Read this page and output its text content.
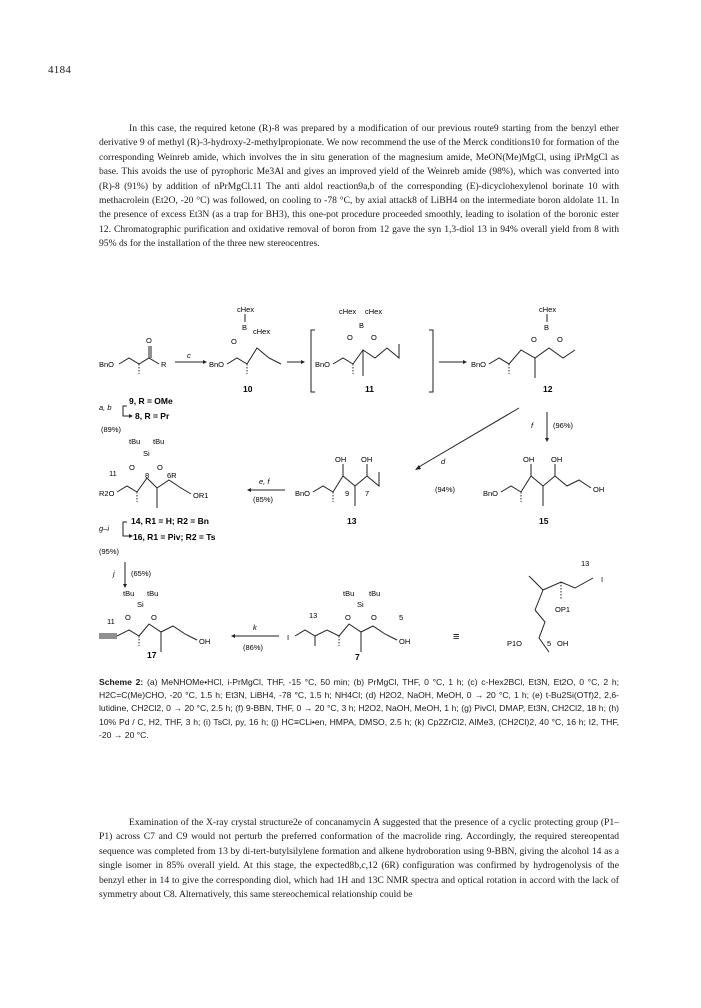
4184

In this case, the required ketone (R)-8 was prepared by a modification of our previous route9 starting from the benzyl ether derivative 9 of methyl (R)-3-hydroxy-2-methylpropionate. We now recommend the use of the Merck conditions10 for formation of the corresponding Weinreb amide, which involves the in situ generation of the magnesium amide, MeON(Me)MgCl, using iPrMgCl as base. This avoids the use of pyrophoric Me3Al and gives an improved yield of the Weinreb amide (98%), which was converted into (R)-8 (91%) by addition of nPrMgCl.11 The anti aldol reaction9a,b of the corresponding (E)-dicyclohexylenol borinate 10 with methacrolein (Et2O, -20 °C) was followed, on cooling to -78 °C, by axial attack8 of LiBH4 on the intermediate boron aldolate 11. In the presence of excess Et3N (as a trap for BH3), this one-pot procedure proceeded smoothly, leading to isolation of the boronic ester 12. Chromatographic purification and oxidative removal of boron from 12 gave the syn 1,3-diol 13 in 94% overall yield from 8 with 95% ds for the installation of the three new stereocentres.

BnO
O
R
c
cHex
B cHex
O
BnO
10
cHex cHex
B
O O
BnO
11
cHex
B
O	O
BnO
12
a, b
9, R = OMe
8, R = Pr
(89%)	f	(96%)
d
(94%)
tBu tBu
Si
O	O
11	8 6R
R2O	OR1
g–i
14, R1 = H; R2 = Bn
16, R1 = Piv; R2 = Ts
(95%)
e, f
(85%)
OH OH
BnO	9 7
13
OH OH
BnO	OH
15
j (65%)
tBu tBu
Si
O	O
11
OH
17
k
(86%)
tBu tBu
Si
O	O
13	5
I	OH
7
≡
13
I
OP1
P1O	5 OH

Scheme 2: (a) MeNHOMe•HCl, i-PrMgCl, THF, -15 °C, 50 min; (b) PrMgCl, THF, 0 °C, 1 h; (c) c-Hex2BCl, Et3N, Et2O, 0 °C, 2 h; H2C=C(Me)CHO, -20 °C, 1.5 h; Et3N, LiBH4, -78 °C, 1.5 h; NH4Cl; (d) H2O2, NaOH, MeOH, 0 → 20 °C, 1 h; (e) t-Bu2Si(OTf)2, 2,6-lutidine, CH2Cl2, 0 → 20 °C, 2.5 h; (f) 9-BBN, THF, 0 → 20 °C, 3 h; H2O2, NaOH, MeOH, 1 h; (g) PivCl, DMAP, Et3N, CH2Cl2, 18 h; (h) 10% Pd / C, H2, THF, 3 h; (i) TsCl, py, 16 h; (j) HC≡CLi•en, HMPA, DMSO, 2.5 h; (k) Cp2ZrCl2, AlMe3, (CH2Cl)2, 40 °C, 16 h; I2, THF, -20 → 20 °C.

Examination of the X-ray crystal structure2e of concanamycin A suggested that the presence of a cyclic protecting group (P1–P1) across C7 and C9 would not perturb the preferred conformation of the macrolide ring. Accordingly, the required stereopentad sequence was completed from 13 by di-tert-butylsilylene formation and alkene hydroboration using 9-BBN, giving the alcohol 14 as a single isomer in 85% overall yield. At this stage, the expected8b,c,12 (6R) configuration was confirmed by hydrogenolysis of the benzyl ether in 14 to give the corresponding diol, which had 1H and 13C NMR spectra and optical rotation in accord with the lack of symmetry about C8. Alternatively, this same stereochemical relationship could be
